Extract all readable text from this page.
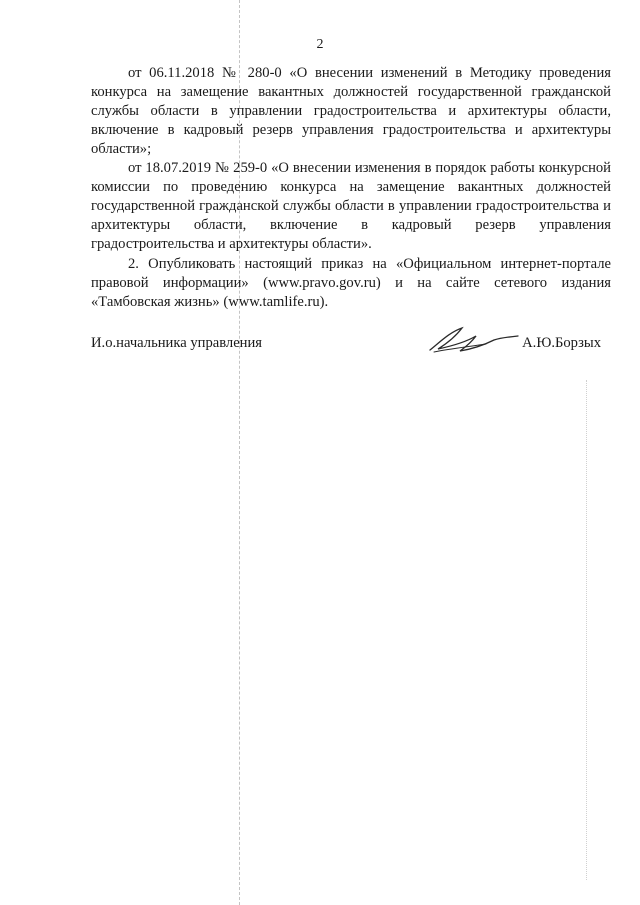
2

от 06.11.2018 № 280-0 «О внесении изменений в Методику проведения конкурса на замещение вакантных должностей государственной гражданской службы области в управлении градостроительства и архитектуры области, включение в кадровый резерв управления градостроительства и архитектуры области»;

от 18.07.2019 № 259-0 «О внесении изменения в порядок работы конкурсной комиссии по проведению конкурса на замещение вакантных должностей государственной гражданской службы области в управлении градостроительства и архитектуры области, включение в кадровый резерв управления градостроительства и архитектуры области».

2. Опубликовать настоящий приказ на «Официальном интернет-портале правовой информации» (www.pravo.gov.ru) и на сайте сетевого издания «Тамбовская жизнь» (www.tamlife.ru).

И.о.начальника управления	А.Ю.Борзых
